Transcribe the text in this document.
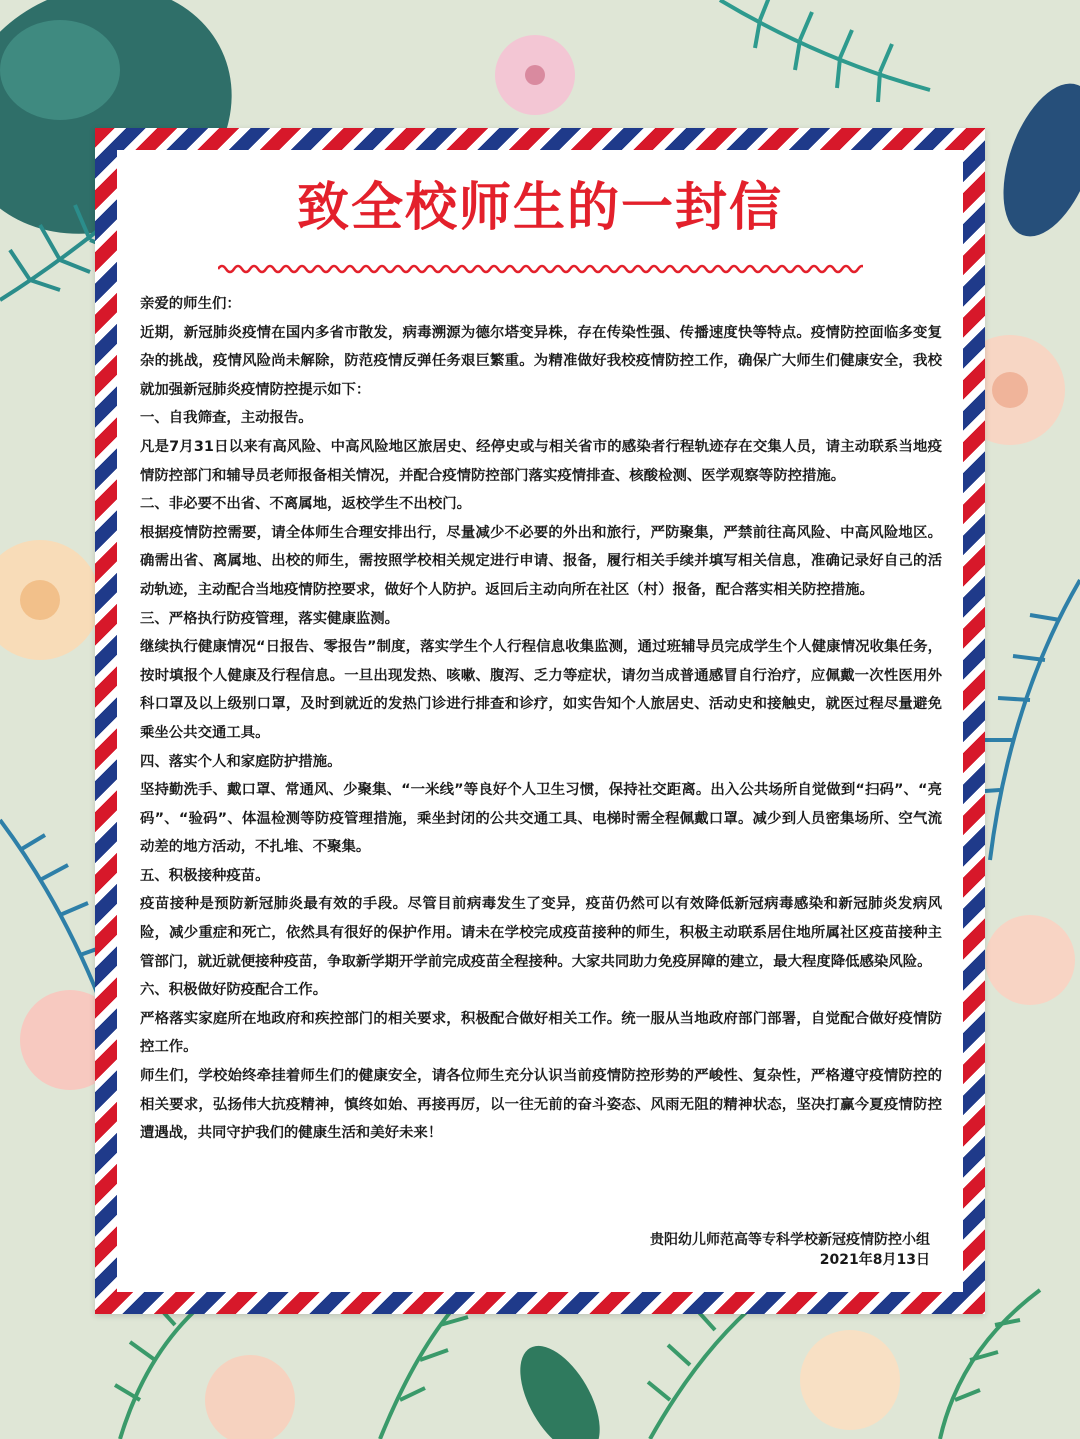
致全校师生的一封信

亲爱的师生们：

近期，新冠肺炎疫情在国内多省市散发，病毒溯源为德尔塔变异株，存在传染性强、传播速度快等特点。疫情防控面临多变复杂的挑战，疫情风险尚未解除，防范疫情反弹任务艰巨繁重。为精准做好我校疫情防控工作，确保广大师生们健康安全，我校就加强新冠肺炎疫情防控提示如下：

一、自我筛查，主动报告。

凡是7月31日以来有高风险、中高风险地区旅居史、经停史或与相关省市的感染者行程轨迹存在交集人员，请主动联系当地疫情防控部门和辅导员老师报备相关情况，并配合疫情防控部门落实疫情排查、核酸检测、医学观察等防控措施。

二、非必要不出省、不离属地，返校学生不出校门。

根据疫情防控需要，请全体师生合理安排出行，尽量减少不必要的外出和旅行，严防聚集，严禁前往高风险、中高风险地区。确需出省、离属地、出校的师生，需按照学校相关规定进行申请、报备，履行相关手续并填写相关信息，准确记录好自己的活动轨迹，主动配合当地疫情防控要求，做好个人防护。返回后主动向所在社区（村）报备，配合落实相关防控措施。

三、严格执行防疫管理，落实健康监测。

继续执行健康情况“日报告、零报告”制度，落实学生个人行程信息收集监测，通过班辅导员完成学生个人健康情况收集任务，按时填报个人健康及行程信息。一旦出现发热、咳嗽、腹泻、乏力等症状，请勿当成普通感冒自行治疗，应佩戴一次性医用外科口罩及以上级别口罩，及时到就近的发热门诊进行排查和诊疗，如实告知个人旅居史、活动史和接触史，就医过程尽量避免乘坐公共交通工具。

四、落实个人和家庭防护措施。

坚持勤洗手、戴口罩、常通风、少聚集、“一米线”等良好个人卫生习惯，保持社交距离。出入公共场所自觉做到“扫码”、“亮码”、“验码”、体温检测等防疫管理措施，乘坐封闭的公共交通工具、电梯时需全程佩戴口罩。减少到人员密集场所、空气流动差的地方活动，不扎堆、不聚集。

五、积极接种疫苗。

疫苗接种是预防新冠肺炎最有效的手段。尽管目前病毒发生了变异，疫苗仍然可以有效降低新冠病毒感染和新冠肺炎发病风险，减少重症和死亡，依然具有很好的保护作用。请未在学校完成疫苗接种的师生，积极主动联系居住地所属社区疫苗接种主管部门，就近就便接种疫苗，争取新学期开学前完成疫苗全程接种。大家共同助力免疫屏障的建立，最大程度降低感染风险。

六、积极做好防疫配合工作。

严格落实家庭所在地政府和疾控部门的相关要求，积极配合做好相关工作。统一服从当地政府部门部署，自觉配合做好疫情防控工作。

师生们，学校始终牵挂着师生们的健康安全，请各位师生充分认识当前疫情防控形势的严峻性、复杂性，严格遵守疫情防控的相关要求，弘扬伟大抗疫精神，慎终如始、再接再厉，以一往无前的奋斗姿态、风雨无阻的精神状态，坚决打赢今夏疫情防控遭遇战，共同守护我们的健康生活和美好未来！

贵阳幼儿师范高等专科学校新冠疫情防控小组
2021年8月13日
